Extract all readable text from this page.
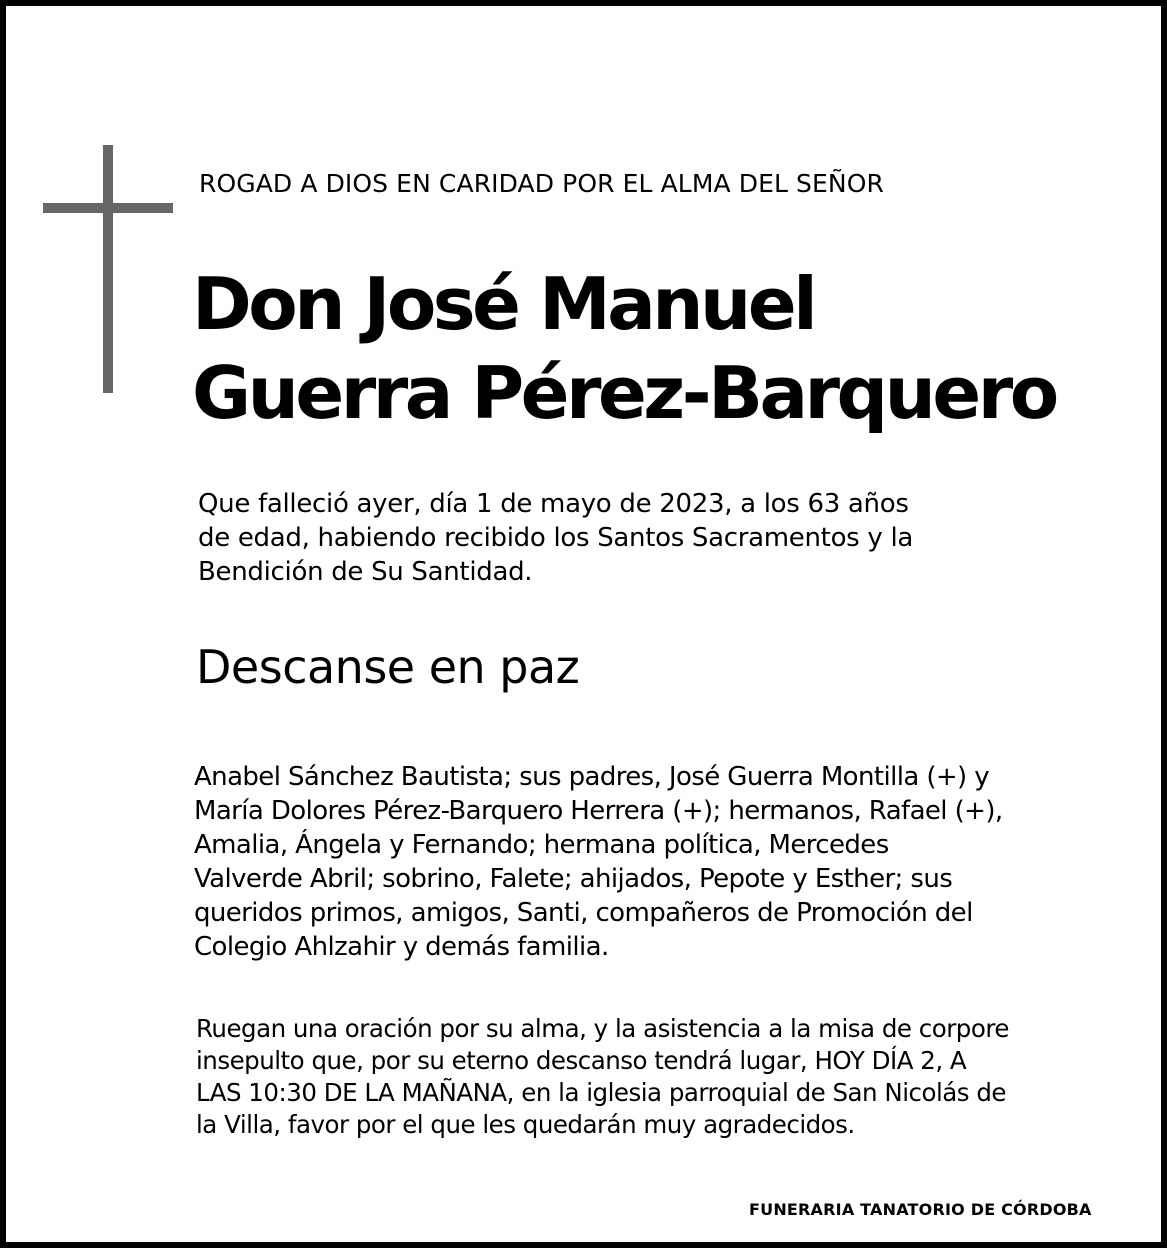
ROGAD A DIOS EN CARIDAD POR EL ALMA DEL SEÑOR

Don José Manuel

Guerra Pérez-Barquero

Que falleció ayer, día 1 de mayo de 2023, a los 63 años
de edad, habiendo recibido los Santos Sacramentos y la
Bendición de Su Santidad.

Descanse en paz

Anabel Sánchez Bautista; sus padres, José Guerra Montilla (+) y
María Dolores Pérez-Barquero Herrera (+); hermanos, Rafael (+),
Amalia, Ángela y Fernando; hermana política, Mercedes
Valverde Abril; sobrino, Falete; ahijados, Pepote y Esther; sus
queridos primos, amigos, Santi, compañeros de Promoción del
Colegio Ahlzahir y demás familia.
Ruegan una oración por su alma, y la asistencia a la misa de corpore
insepulto que, por su eterno descanso tendrá lugar, HOY DÍA 2, A
LAS 10:30 DE LA MAÑANA, en la iglesia parroquial de San Nicolás de
la Villa, favor por el que les quedarán muy agradecidos.

FUNERARIA TANATORIO DE CÓRDOBA
